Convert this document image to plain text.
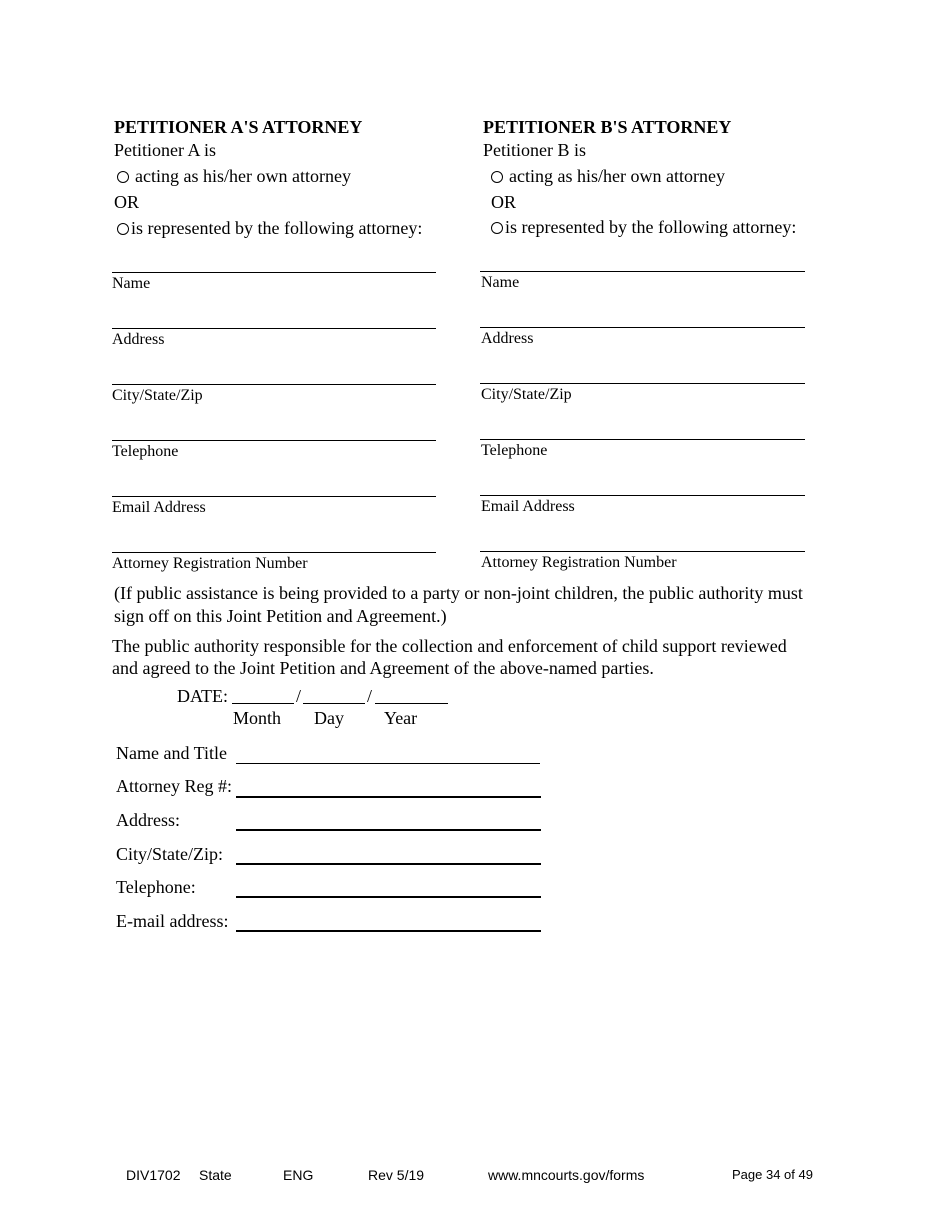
PETITIONER A'S ATTORNEY
Petitioner A is
acting as his/her own attorney
OR
is represented by the following attorney:
Name
Address
City/State/Zip
Telephone
Email Address
Attorney Registration Number
PETITIONER B'S ATTORNEY
Petitioner B is
acting as his/her own attorney
OR
is represented by the following attorney:
Name
Address
City/State/Zip
Telephone
Email Address
Attorney Registration Number
(If public assistance is being provided to a party or non-joint children, the public authority must
sign off on this Joint Petition and Agreement.)
The public authority responsible for the collection and enforcement of child support reviewed
and agreed to the Joint Petition and Agreement of the above-named parties.
DATE:	/	/
Month Day Year
Name and Title
Attorney Reg #:
Address:
City/State/Zip:
Telephone:
E-mail address:
DIV1702 State	ENG	Rev 5/19	www.mncourts.gov/forms	Page 34 of 49
